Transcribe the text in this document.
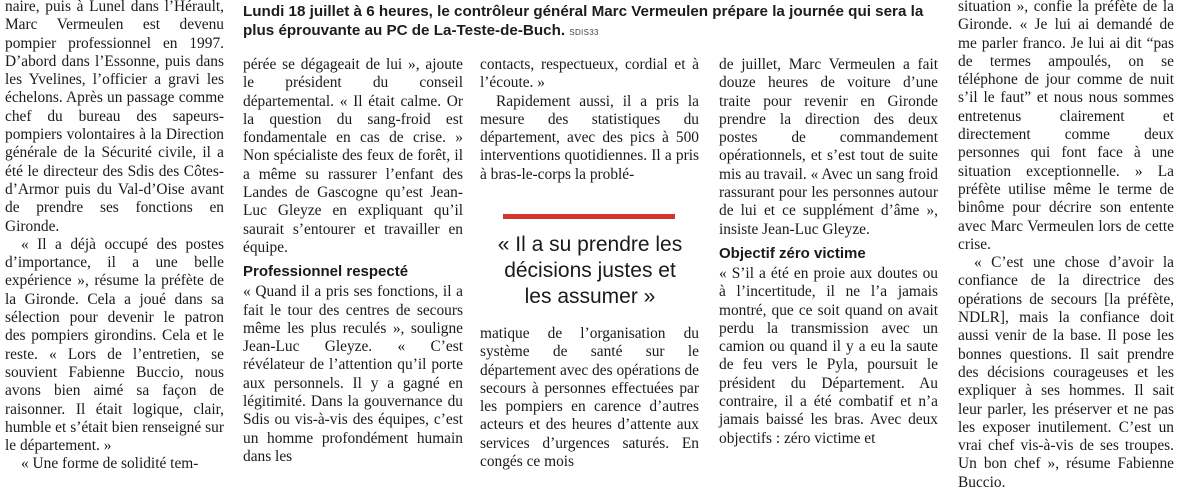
Lundi 18 juillet à 6 heures, le contrôleur général Marc Vermeulen prépare la journée qui sera la plus éprouvante au PC de La-Teste-de-Buch. SDIS33

naire, puis à Lunel dans l’Hérault, Marc Vermeulen est devenu pompier professionnel en 1997. D’abord dans l’Essonne, puis dans les Yvelines, l’officier a gravi les échelons. Après un passage comme chef du bureau des sapeurs-pompiers volontaires à la Direction générale de la Sécurité civile, il a été le directeur des Sdis des Côtes-d’Armor puis du Val-d’Oise avant de prendre ses fonctions en Gironde.

« Il a déjà occupé des postes d’importance, il a une belle expérience », résume la préfète de la Gironde. Cela a joué dans sa sélection pour devenir le patron des pompiers girondins. Cela et le reste. « Lors de l’entretien, se souvient Fabienne Buccio, nous avons bien aimé sa façon de raisonner. Il était logique, clair, humble et s’était bien renseigné sur le département. »

« Une forme de solidité tem-

pérée se dégageait de lui », ajoute le président du conseil départemental. « Il était calme. Or la question du sang-froid est fondamentale en cas de crise. » Non spécialiste des feux de forêt, il a même su rassurer l’enfant des Landes de Gascogne qu’est Jean-Luc Gleyze en expliquant qu’il saurait s’entourer et travailler en équipe.

Professionnel respecté

« Quand il a pris ses fonctions, il a fait le tour des centres de secours même les plus reculés », souligne Jean-Luc Gleyze. « C’est révélateur de l’attention qu’il porte aux personnels. Il y a gagné en légitimité. Dans la gouvernance du Sdis ou vis-à-vis des équipes, c’est un homme profondément humain dans les

contacts, respectueux, cordial et à l’écoute. »

Rapidement aussi, il a pris la mesure des statistiques du département, avec des pics à 500 interventions quotidiennes. Il a pris à bras-le-corps la problé-

« Il a su prendre les décisions justes et les assumer »

matique de l’organisation du système de santé sur le département avec des opérations de secours à personnes effectuées par les pompiers en carence d’autres acteurs et des heures d’attente aux services d’urgences saturés. En congés ce mois

de juillet, Marc Vermeulen a fait douze heures de voiture d’une traite pour revenir en Gironde prendre la direction des deux postes de commandement opérationnels, et s’est tout de suite mis au travail. « Avec un sang froid rassurant pour les personnes autour de lui et ce supplément d’âme », insiste Jean-Luc Gleyze.

Objectif zéro victime

« S’il a été en proie aux doutes ou à l’incertitude, il ne l’a jamais montré, que ce soit quand on avait perdu la transmission avec un camion ou quand il y a eu la saute de feu vers le Pyla, poursuit le président du Département. Au contraire, il a été combatif et n’a jamais baissé les bras. Avec deux objectifs : zéro victime et

situation », confie la préfète de la Gironde. « Je lui ai demandé de me parler franco. Je lui ai dit “pas de termes ampoulés, on se téléphone de jour comme de nuit s’il le faut” et nous nous sommes entretenus clairement et directement comme deux personnes qui font face à une situation exceptionnelle. » La préfète utilise même le terme de binôme pour décrire son entente avec Marc Vermeulen lors de cette crise.

« C’est une chose d’avoir la confiance de la directrice des opérations de secours [la préfète, NDLR], mais la confiance doit aussi venir de la base. Il pose les bonnes questions. Il sait prendre des décisions courageuses et les expliquer à ses hommes. Il sait leur parler, les préserver et ne pas les exposer inutilement. C’est un vrai chef vis-à-vis de ses troupes. Un bon chef », résume Fabienne Buccio.
